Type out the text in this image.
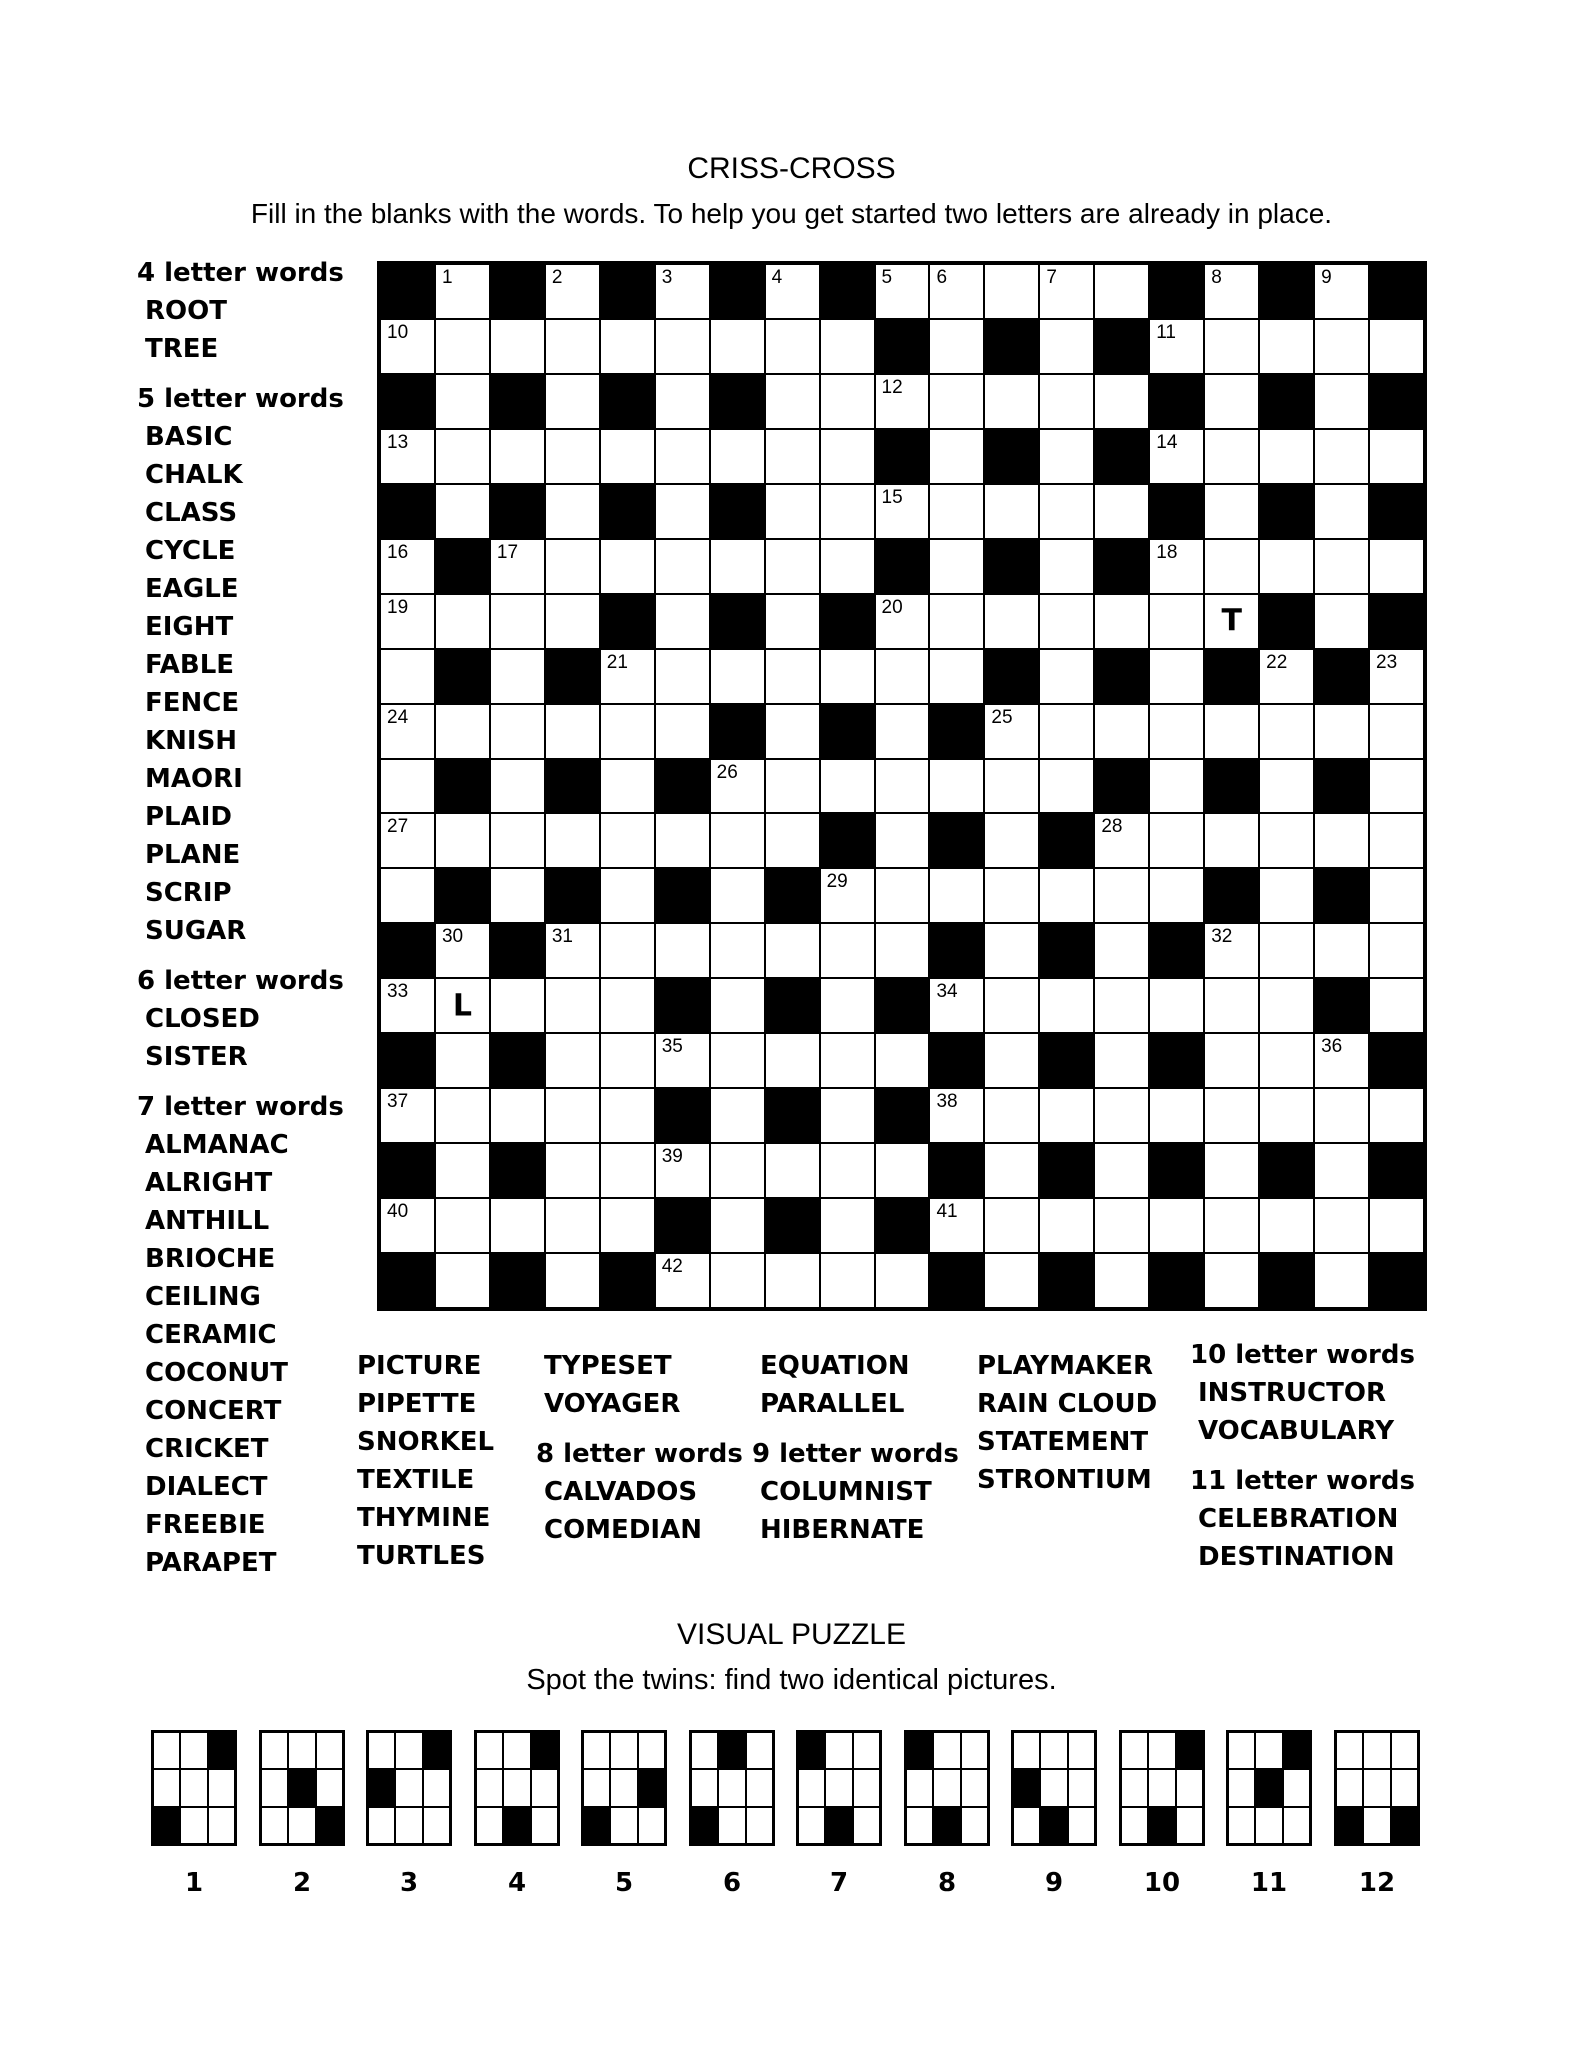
CRISS-CROSS
Fill in the blanks with the words. To help you get started two letters are already in place.
1	2	3	4	5 6	7	8	9
10	11
12
13	14
15
16	17	18
19	20	T
21	22	23
24	25
26
27	28
29
30	31	32
33	L	34
35	36
37	38
39
40	41
42
4 letter words
ROOT
TREE
5 letter words
BASIC
CHALK
CLASS
CYCLE
EAGLE
EIGHT
FABLE
FENCE
KNISH
MAORI
PLAID
PLANE
SCRIP
SUGAR
6 letter words
CLOSED
SISTER
7 letter words
ALMANAC
ALRIGHT
ANTHILL
BRIOCHE
CEILING
CERAMIC
COCONUT
CONCERT
CRICKET
DIALECT
FREEBIE
PARAPET
PICTURE
PIPETTE
SNORKEL
TEXTILE
THYMINE
TURTLES
TYPESET
VOYAGER
8 letter words
CALVADOS
COMEDIAN
EQUATION
PARALLEL
9 letter words
COLUMNIST
HIBERNATE
PLAYMAKER
RAIN CLOUD
STATEMENT
STRONTIUM
10 letter words
INSTRUCTOR
VOCABULARY
11 letter words
CELEBRATION
DESTINATION
VISUAL PUZZLE
Spot the twins: find two identical pictures.
1	2	3	4	5	6	7	8	9	10	11	12
